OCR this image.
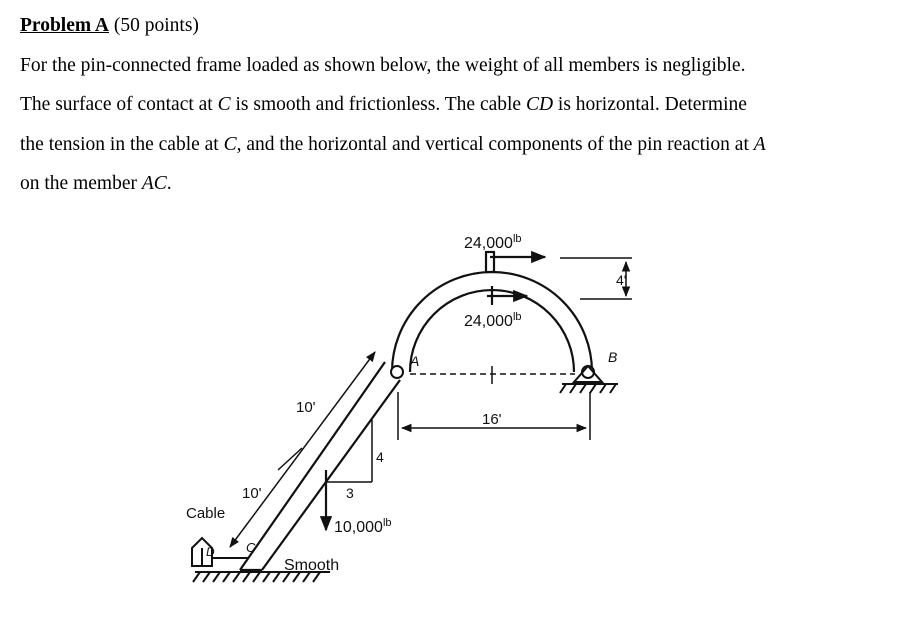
Problem A (50 points)

For the pin-connected frame loaded as shown below, the weight of all members is negligible.

The surface of contact at C is smooth and frictionless. The cable CD is horizontal. Determine

the tension in the cable at C, and the horizontal and vertical components of the pin reaction at A

on the member AC.

$24,000^{lb}$
$24,000^{lb}$
4'
A	B
16'
10'
10'
4
3
$10,000^{lb}$
Cable
D C
Smooth
